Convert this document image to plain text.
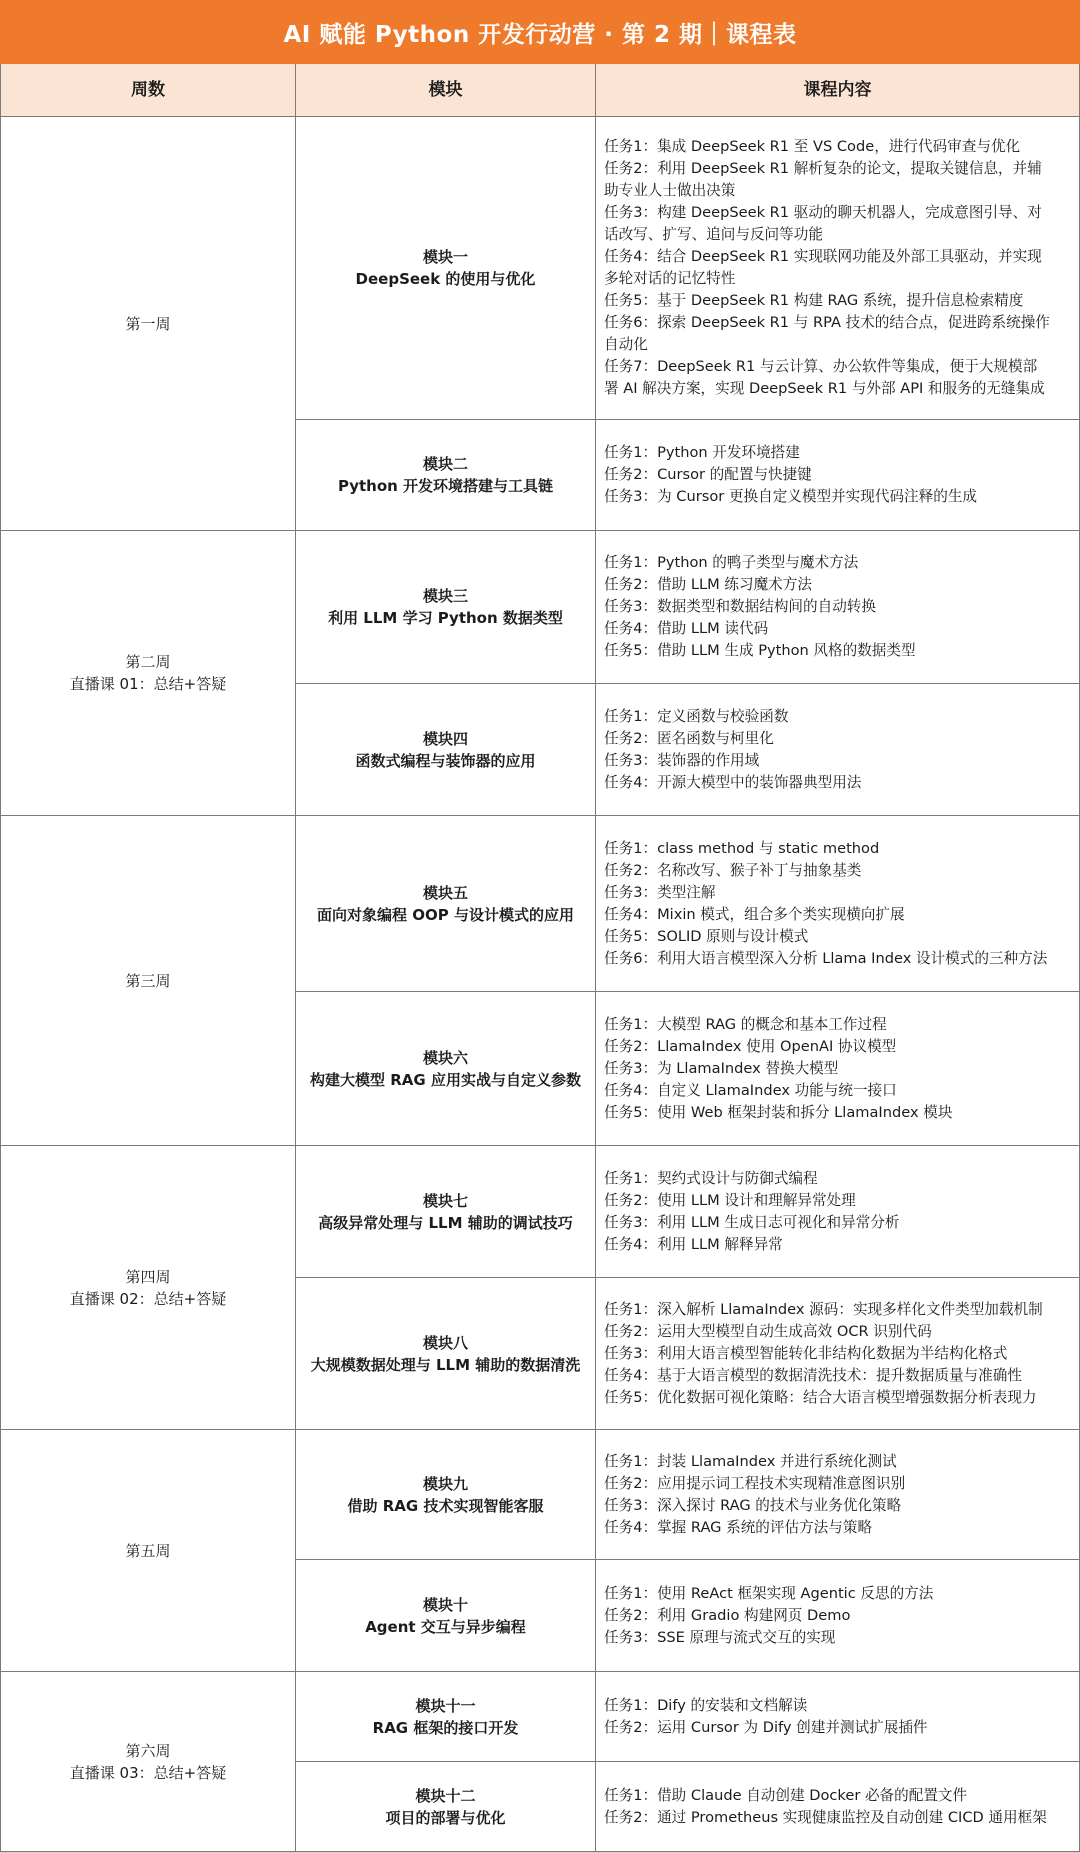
AI 赋能 Python 开发行动营 · 第 2 期｜课程表
周数	模块	课程内容
第一周
第二周
直播课 01：总结+答疑
第三周
第四周
直播课 02：总结+答疑
第五周
第六周
直播课 03：总结+答疑
模块一
DeepSeek 的使用与优化
任务1：集成 DeepSeek R1 至 VS Code，进行代码审查与优化
任务2：利用 DeepSeek R1 解析复杂的论文，提取关键信息，并辅
助专业人士做出决策
任务3：构建 DeepSeek R1 驱动的聊天机器人，完成意图引导、对
话改写、扩写、追问与反问等功能
任务4：结合 DeepSeek R1 实现联网功能及外部工具驱动，并实现
多轮对话的记忆特性
任务5：基于 DeepSeek R1 构建 RAG 系统，提升信息检索精度
任务6：探索 DeepSeek R1 与 RPA 技术的结合点，促进跨系统操作
自动化
任务7：DeepSeek R1 与云计算、办公软件等集成，便于大规模部
署 AI 解决方案，实现 DeepSeek R1 与外部 API 和服务的无缝集成
模块二
Python 开发环境搭建与工具链
任务1：Python 开发环境搭建
任务2：Cursor 的配置与快捷键
任务3：为 Cursor 更换自定义模型并实现代码注释的生成
模块三
利用 LLM 学习 Python 数据类型
任务1：Python 的鸭子类型与魔术方法
任务2：借助 LLM 练习魔术方法
任务3：数据类型和数据结构间的自动转换
任务4：借助 LLM 读代码
任务5：借助 LLM 生成 Python 风格的数据类型
模块四
函数式编程与装饰器的应用
任务1：定义函数与校验函数
任务2：匿名函数与柯里化
任务3：装饰器的作用域
任务4：开源大模型中的装饰器典型用法
模块五
面向对象编程 OOP 与设计模式的应用
任务1：class method 与 static method
任务2：名称改写、猴子补丁与抽象基类
任务3：类型注解
任务4：Mixin 模式，组合多个类实现横向扩展
任务5：SOLID 原则与设计模式
任务6：利用大语言模型深入分析 Llama Index 设计模式的三种方法
模块六
构建大模型 RAG 应用实战与自定义参数
任务1：大模型 RAG 的概念和基本工作过程
任务2：LlamaIndex 使用 OpenAI 协议模型
任务3：为 LlamaIndex 替换大模型
任务4：自定义 LlamaIndex 功能与统一接口
任务5：使用 Web 框架封装和拆分 LlamaIndex 模块
模块七
高级异常处理与 LLM 辅助的调试技巧
任务1：契约式设计与防御式编程
任务2：使用 LLM 设计和理解异常处理
任务3：利用 LLM 生成日志可视化和异常分析
任务4：利用 LLM 解释异常
模块八
大规模数据处理与 LLM 辅助的数据清洗
任务1：深入解析 LlamaIndex 源码：实现多样化文件类型加载机制
任务2：运用大型模型自动生成高效 OCR 识别代码
任务3：利用大语言模型智能转化非结构化数据为半结构化格式
任务4：基于大语言模型的数据清洗技术：提升数据质量与准确性
任务5：优化数据可视化策略：结合大语言模型增强数据分析表现力
模块九
借助 RAG 技术实现智能客服
任务1：封装 LlamaIndex 并进行系统化测试
任务2：应用提示词工程技术实现精准意图识别
任务3：深入探讨 RAG 的技术与业务优化策略
任务4：掌握 RAG 系统的评估方法与策略
模块十
Agent 交互与异步编程
任务1：使用 ReAct 框架实现 Agentic 反思的方法
任务2：利用 Gradio 构建网页 Demo
任务3：SSE 原理与流式交互的实现
模块十一
RAG 框架的接口开发
任务1：Dify 的安装和文档解读
任务2：运用 Cursor 为 Dify 创建并测试扩展插件
模块十二
项目的部署与优化
任务1：借助 Claude 自动创建 Docker 必备的配置文件
任务2：通过 Prometheus 实现健康监控及自动创建 CICD 通用框架
